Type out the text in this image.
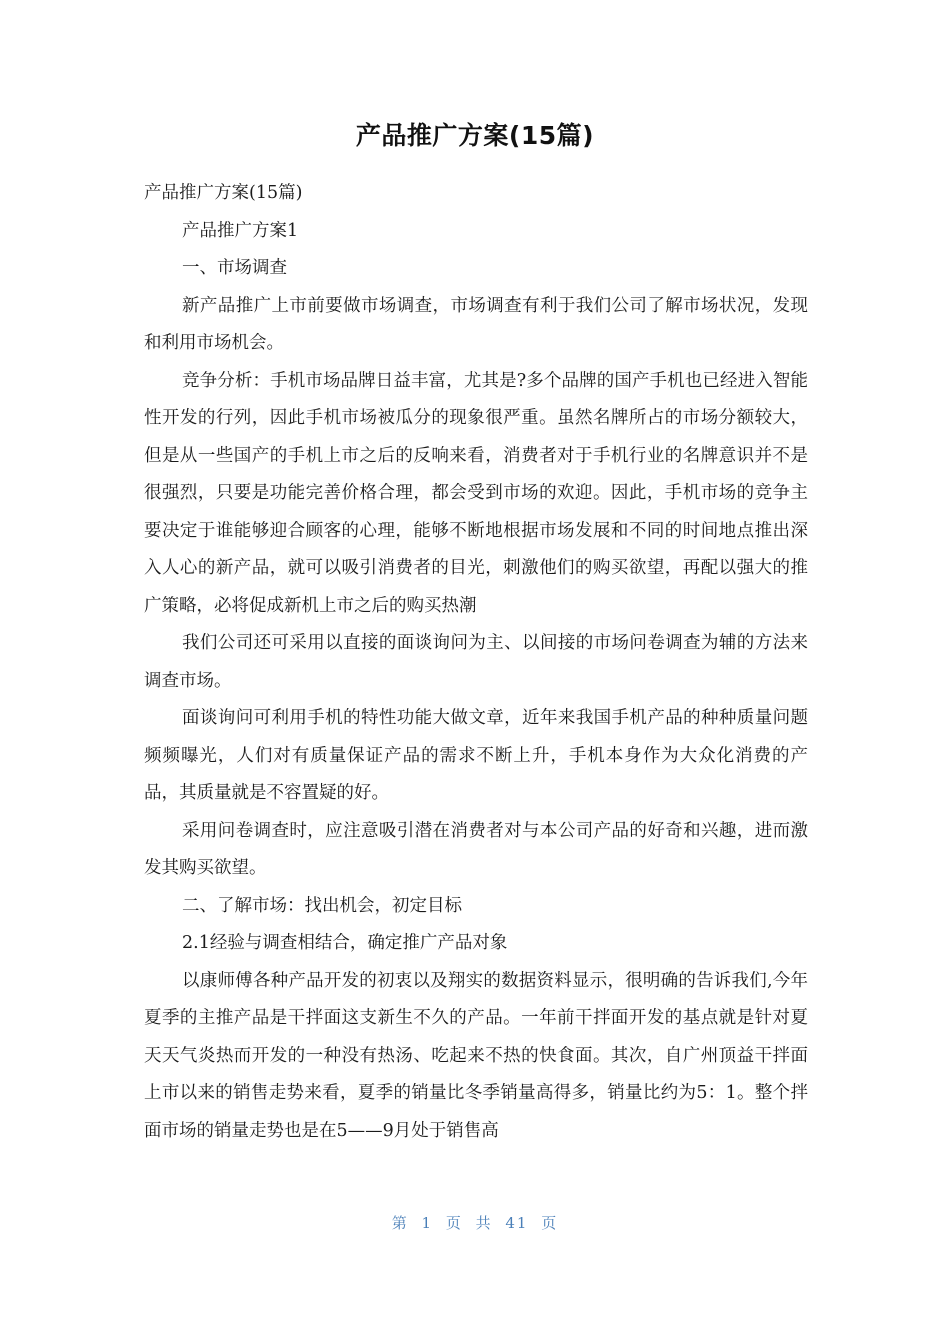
产品推广方案(15篇)

产品推广方案(15篇)

产品推广方案1

一、市场调查

新产品推广上市前要做市场调查，市场调查有利于我们公司了解市场状况，发现和利用市场机会。

竞争分析：手机市场品牌日益丰富，尤其是?多个品牌的国产手机也已经进入智能性开发的行列，因此手机市场被瓜分的现象很严重。虽然名牌所占的市场分额较大，但是从一些国产的手机上市之后的反响来看，消费者对于手机行业的名牌意识并不是很强烈，只要是功能完善价格合理，都会受到市场的欢迎。因此，手机市场的竞争主要决定于谁能够迎合顾客的心理，能够不断地根据市场发展和不同的时间地点推出深入人心的新产品，就可以吸引消费者的目光，刺激他们的购买欲望，再配以强大的推广策略，必将促成新机上市之后的购买热潮

我们公司还可采用以直接的面谈询问为主、以间接的市场问卷调查为辅的方法来调查市场。

面谈询问可利用手机的特性功能大做文章，近年来我国手机产品的种种质量问题频频曝光，人们对有质量保证产品的需求不断上升，手机本身作为大众化消费的产品，其质量就是不容置疑的好。

采用问卷调查时，应注意吸引潜在消费者对与本公司产品的好奇和兴趣，进而激发其购买欲望。

二、了解市场：找出机会，初定目标

2.1经验与调查相结合，确定推广产品对象

以康师傅各种产品开发的初衷以及翔实的数据资料显示，很明确的告诉我们,今年夏季的主推产品是干拌面这支新生不久的产品。一年前干拌面开发的基点就是针对夏天天气炎热而开发的一种没有热汤、吃起来不热的快食面。其次，自广州顶益干拌面上市以来的销售走势来看，夏季的销量比冬季销量高得多，销量比约为5：1。整个拌面市场的销量走势也是在5——9月处于销售高

第 1 页 共 41 页
